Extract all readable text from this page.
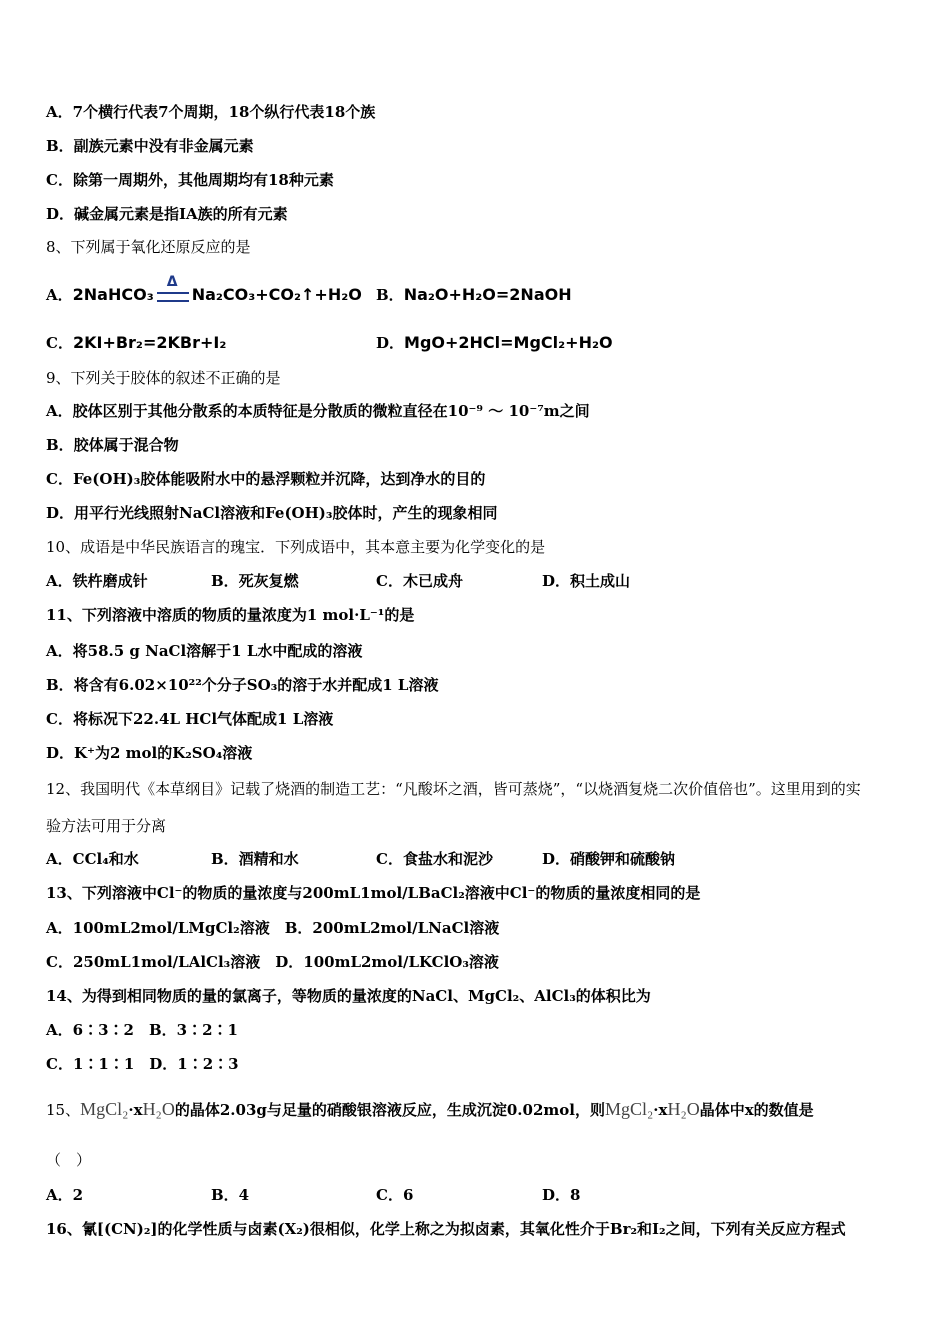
A．7个横行代表7个周期，18个纵行代表18个族
B．副族元素中没有非金属元素
C．除第一周期外，其他周期均有18种元素
D．碱金属元素是指ⅠA族的所有元素
8、下列属于氧化还原反应的是
A．2NaHCO₃
Δ
Na₂CO₃+CO₂↑+H₂O B．Na₂O+H₂O=2NaOH
C．2KI+Br₂=2KBr+I₂	D．MgO+2HCl=MgCl₂+H₂O
9、下列关于胶体的叙述不正确的是
A．胶体区别于其他分散系的本质特征是分散质的微粒直径在10⁻⁹ ～ 10⁻⁷m之间
B．胶体属于混合物
C．Fe(OH)₃胶体能吸附水中的悬浮颗粒并沉降，达到净水的目的
D．用平行光线照射NaCl溶液和Fe(OH)₃胶体时，产生的现象相同
10、成语是中华民族语言的瑰宝．下列成语中，其本意主要为化学变化的是
A．铁杵磨成针	B．死灰复燃	C．木已成舟	D．积土成山
11、下列溶液中溶质的物质的量浓度为1 mol·L⁻¹的是
A．将58.5 g NaCl溶解于1 L水中配成的溶液
B．将含有6.02×10²²个分子SO₃的溶于水并配成1 L溶液
C．将标况下22.4L HCl气体配成1 L溶液
D．K⁺为2 mol的K₂SO₄溶液
12、我国明代《本草纲目》记载了烧酒的制造工艺：“凡酸坏之酒，皆可蒸烧”，“以烧酒复烧二次价值倍也”。这里用到的实
验方法可用于分离
A．CCl₄和水	B．酒精和水	C．食盐水和泥沙	D．硝酸钾和硫酸钠
13、下列溶液中Cl⁻的物质的量浓度与200mL1mol/LBaCl₂溶液中Cl⁻的物质的量浓度相同的是
A．100mL2mol/LMgCl₂溶液　B．200mL2mol/LNaCl溶液
C．250mL1mol/LAlCl₃溶液　D．100mL2mol/LKClO₃溶液
14、为得到相同物质的量的氯离子，等物质的量浓度的NaCl、MgCl₂、AlCl₃的体积比为
A．6∶3∶2　B．3∶2∶1
C．1∶1∶1　D．1∶2∶3
15、MgCl₂·xH₂O的晶体2.03g与足量的硝酸银溶液反应，生成沉淀0.02mol，则MgCl₂·xH₂O晶体中x的数值是
（　）
A．2	B．4	C．6	D．8
16、氰[(CN)₂]的化学性质与卤素(X₂)很相似，化学上称之为拟卤素，其氧化性介于Br₂和I₂之间，下列有关反应方程式
